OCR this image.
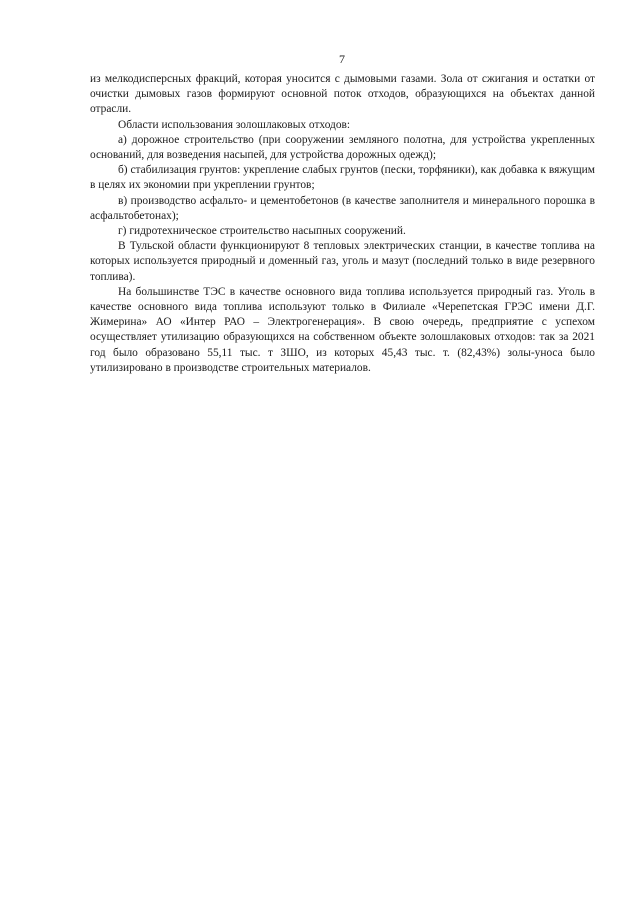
7

из мелкодисперсных фракций, которая уносится с дымовыми газами. Зола от сжигания и остатки от очистки дымовых газов формируют основной поток отходов, образующихся на объектах данной отрасли.

Области использования золошлаковых отходов:

а) дорожное строительство (при сооружении земляного полотна, для устройства укрепленных оснований, для возведения насыпей, для устройства дорожных одежд);

б) стабилизация грунтов: укрепление слабых грунтов (пески, торфяники), как добавка к вяжущим в целях их экономии при укреплении грунтов;

в) производство асфальто- и цементобетонов (в качестве заполнителя и минерального порошка в асфальтобетонах);

г) гидротехническое строительство насыпных сооружений.

В Тульской области функционируют 8 тепловых электрических станции, в качестве топлива на которых используется природный и доменный газ, уголь и мазут (последний только в виде резервного топлива).

На большинстве ТЭС в качестве основного вида топлива используется природный газ. Уголь в качестве основного вида топлива используют только в Филиале «Черепетская ГРЭС имени Д.Г. Жимерина» АО «Интер РАО – Электрогенерация». В свою очередь, предприятие с успехом осуществляет утилизацию образующихся на собственном объекте золошлаковых отходов: так за 2021 год было образовано 55,11 тыс. т ЗШО, из которых 45,43 тыс. т. (82,43%) золы-уноса было утилизировано в производстве строительных материалов.
